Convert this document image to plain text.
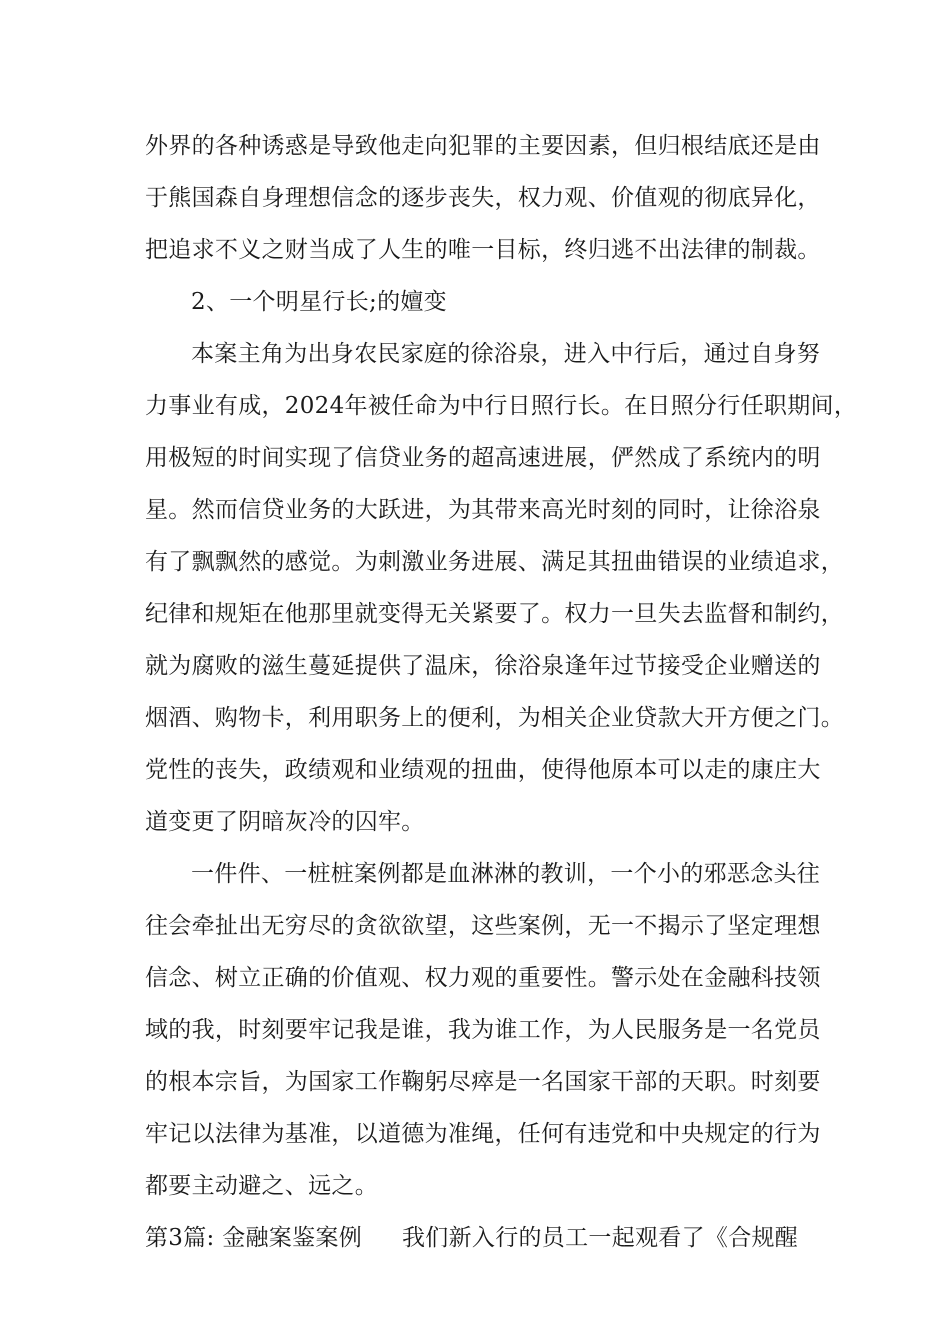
外界的各种诱惑是导致他走向犯罪的主要因素，但归根结底还是由
于熊国森自身理想信念的逐步丧失，权力观、价值观的彻底异化，
把追求不义之财当成了人生的唯一目标，终归逃不出法律的制裁。
2、一个明星行长;的嬗变
本案主角为出身农民家庭的徐浴泉，进入中行后，通过自身努
力事业有成，2024年被任命为中行日照行长。在日照分行任职期间，
用极短的时间实现了信贷业务的超高速进展，俨然成了系统内的明
星。然而信贷业务的大跃进，为其带来高光时刻的同时，让徐浴泉
有了飘飘然的感觉。为刺激业务进展、满足其扭曲错误的业绩追求，
纪律和规矩在他那里就变得无关紧要了。权力一旦失去监督和制约，
就为腐败的滋生蔓延提供了温床，徐浴泉逢年过节接受企业赠送的
烟酒、购物卡，利用职务上的便利，为相关企业贷款大开方便之门。
党性的丧失，政绩观和业绩观的扭曲，使得他原本可以走的康庄大
道变更了阴暗灰冷的囚牢。
一件件、一桩桩案例都是血淋淋的教训，一个小的邪恶念头往
往会牵扯出无穷尽的贪欲欲望，这些案例，无一不揭示了坚定理想
信念、树立正确的价值观、权力观的重要性。警示处在金融科技领
域的我，时刻要牢记我是谁，我为谁工作，为人民服务是一名党员
的根本宗旨，为国家工作鞠躬尽瘁是一名国家干部的天职。时刻要
牢记以法律为基准，以道德为准绳，任何有违党和中央规定的行为
都要主动避之、远之。
第3篇: 金融案鉴案例 我们新入行的员工一起观看了《合规醒
